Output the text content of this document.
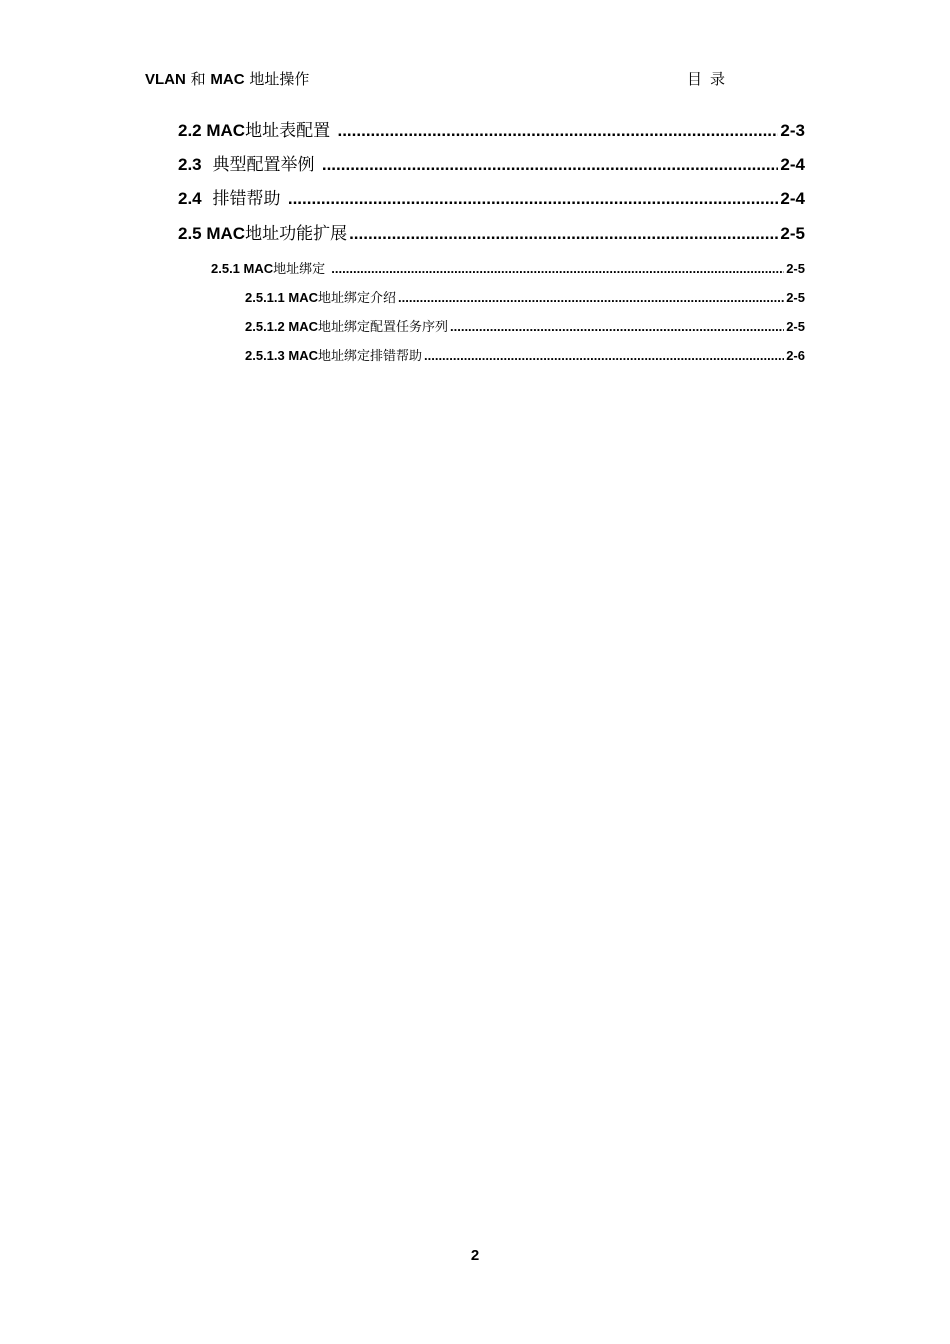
VLAN 和 MAC 地址操作	目录
2.2 MAC 地址表配置 .....	2-3
2.3 典型配置举例 .....	2-4
2.4 排错帮助 .....	2-4
2.5 MAC 地址功能扩展 .....	2-5
2.5.1 MAC 地址绑定 .....	2-5
2.5.1.1 MAC 地址绑定介绍 .....	2-5
2.5.1.2 MAC 地址绑定配置任务序列 .....	2-5
2.5.1.3 MAC 地址绑定排错帮助 .....	2-6
2
